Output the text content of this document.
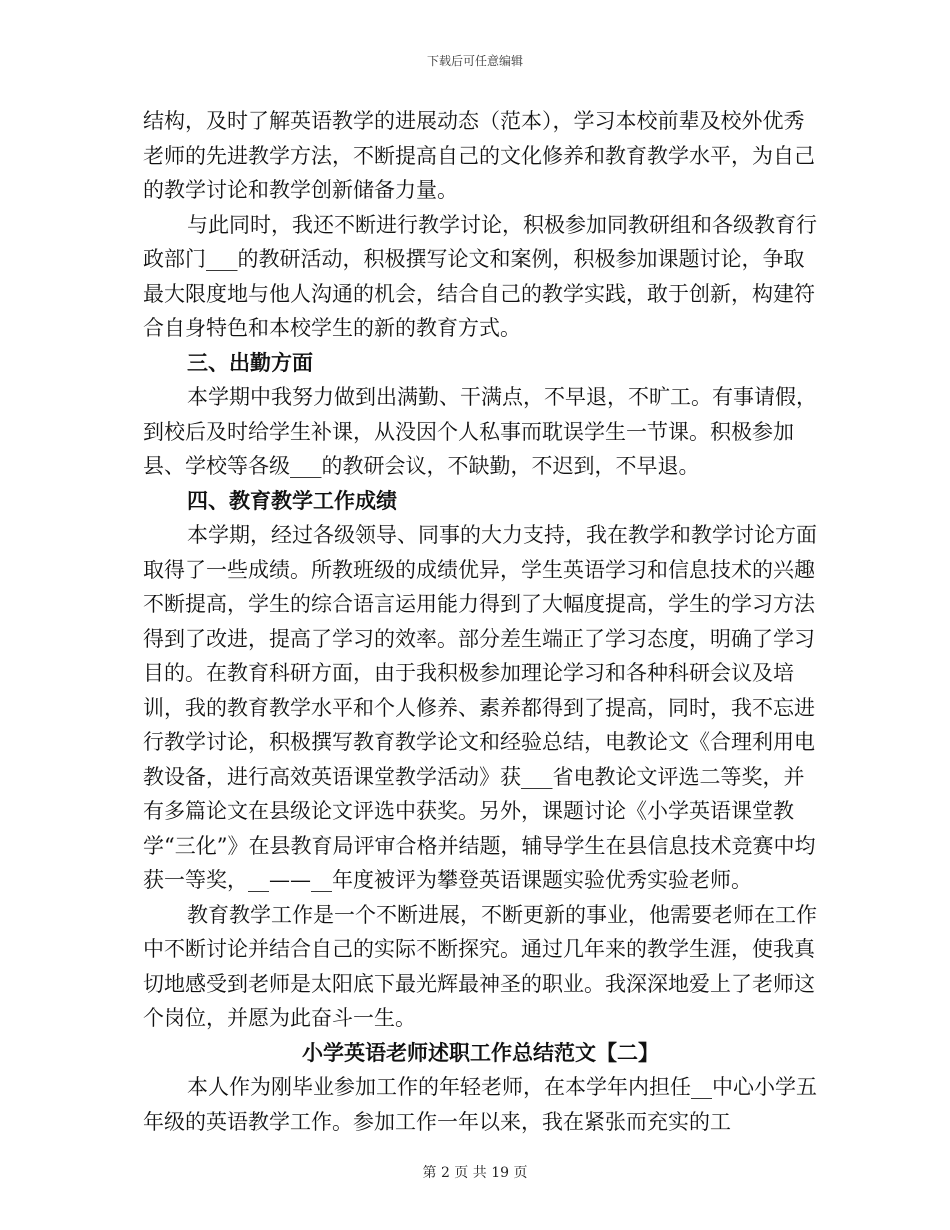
下载后可任意编辑

结构，及时了解英语教学的进展动态（范本），学习本校前辈及校外优秀老师的先进教学方法，不断提高自己的文化修养和教育教学水平，为自己的教学讨论和教学创新储备力量。

与此同时，我还不断进行教学讨论，积极参加同教研组和各级教育行政部门___的教研活动，积极撰写论文和案例，积极参加课题讨论，争取最大限度地与他人沟通的机会，结合自己的教学实践，敢于创新，构建符合自身特色和本校学生的新的教育方式。

三、出勤方面

本学期中我努力做到出满勤、干满点，不早退，不旷工。有事请假，到校后及时给学生补课，从没因个人私事而耽误学生一节课。积极参加县、学校等各级___的教研会议，不缺勤，不迟到，不早退。

四、教育教学工作成绩

本学期，经过各级领导、同事的大力支持，我在教学和教学讨论方面取得了一些成绩。所教班级的成绩优异，学生英语学习和信息技术的兴趣不断提高，学生的综合语言运用能力得到了大幅度提高，学生的学习方法得到了改进，提高了学习的效率。部分差生端正了学习态度，明确了学习目的。在教育科研方面，由于我积极参加理论学习和各种科研会议及培训，我的教育教学水平和个人修养、素养都得到了提高，同时，我不忘进行教学讨论，积极撰写教育教学论文和经验总结，电教论文《合理利用电教设备，进行高效英语课堂教学活动》获___省电教论文评选二等奖，并有多篇论文在县级论文评选中获奖。另外，课题讨论《小学英语课堂教学“三化”》在县教育局评审合格并结题，辅导学生在县信息技术竞赛中均获一等奖，__——__年度被评为攀登英语课题实验优秀实验老师。

教育教学工作是一个不断进展，不断更新的事业，他需要老师在工作中不断讨论并结合自己的实际不断探究。通过几年来的教学生涯，使我真切地感受到老师是太阳底下最光辉最神圣的职业。我深深地爱上了老师这个岗位，并愿为此奋斗一生。

小学英语老师述职工作总结范文【二】

本人作为刚毕业参加工作的年轻老师，在本学年内担任__中心小学五年级的英语教学工作。参加工作一年以来，我在紧张而充实的工

第 2 页 共 19 页
